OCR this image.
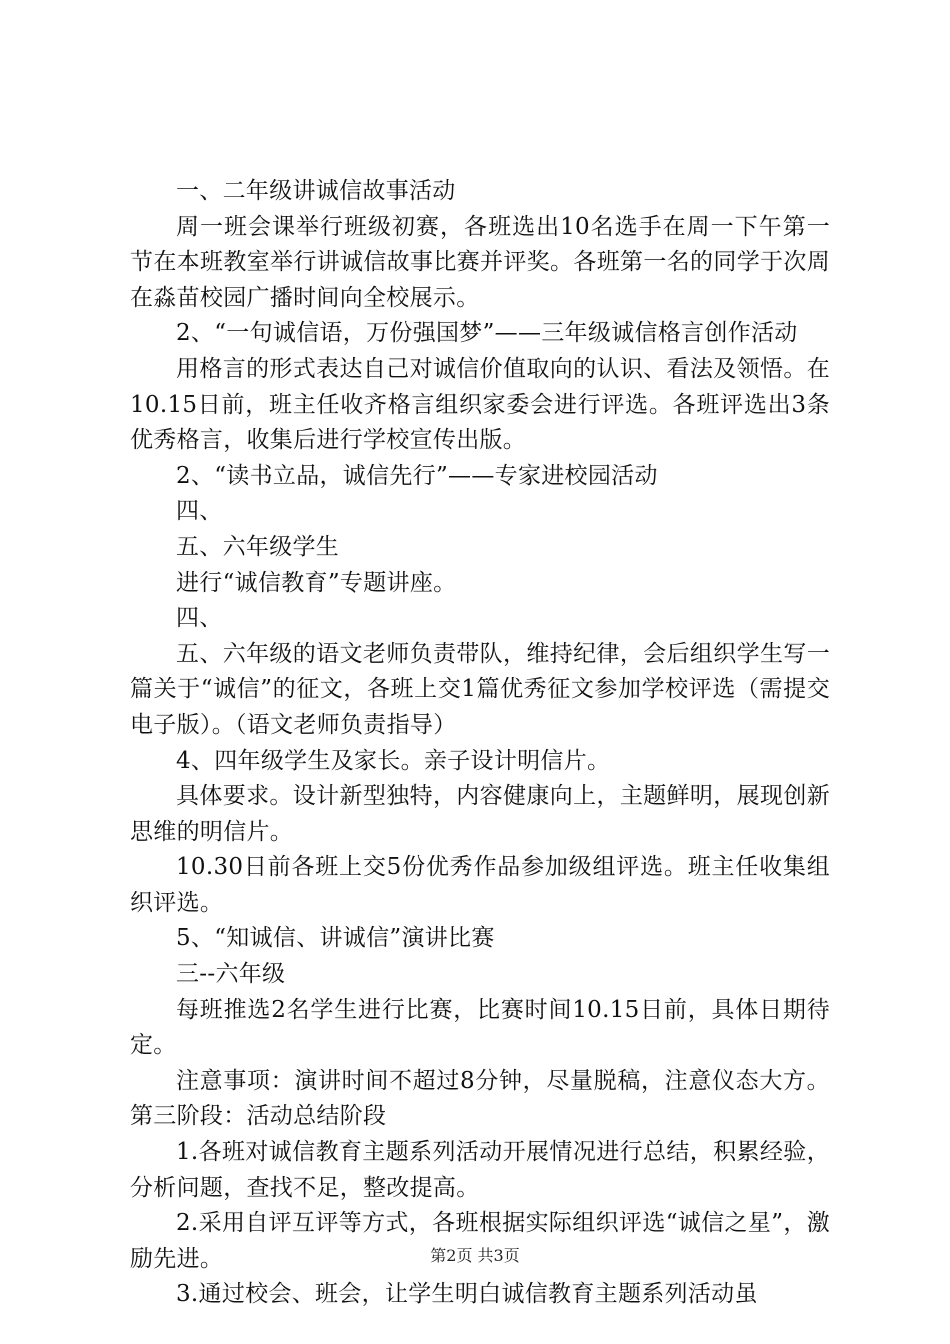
一、二年级讲诚信故事活动

周一班会课举行班级初赛，各班选出10名选手在周一下午第一节在本班教室举行讲诚信故事比赛并评奖。各班第一名的同学于次周在淼苗校园广播时间向全校展示。

2、“一句诚信语，万份强国梦”——三年级诚信格言创作活动

用格言的形式表达自己对诚信价值取向的认识、看法及领悟。在10.15日前，班主任收齐格言组织家委会进行评选。各班评选出3条优秀格言，收集后进行学校宣传出版。

2、“读书立品，诚信先行”——专家进校园活动

四、

五、六年级学生

进行“诚信教育”专题讲座。

四、

五、六年级的语文老师负责带队，维持纪律，会后组织学生写一篇关于“诚信”的征文，各班上交1篇优秀征文参加学校评选（需提交电子版）。（语文老师负责指导）

4、四年级学生及家长。亲子设计明信片。

具体要求。设计新型独特，内容健康向上，主题鲜明，展现创新思维的明信片。

10.30日前各班上交5份优秀作品参加级组评选。班主任收集组织评选。

5、“知诚信、讲诚信”演讲比赛

三--六年级

每班推选2名学生进行比赛，比赛时间10.15日前，具体日期待定。

注意事项：演讲时间不超过8分钟，尽量脱稿，注意仪态大方。第三阶段：活动总结阶段

1.各班对诚信教育主题系列活动开展情况进行总结，积累经验，分析问题，查找不足，整改提高。

2.采用自评互评等方式，各班根据实际组织评选“诚信之星”，激励先进。

3.通过校会、班会，让学生明白诚信教育主题系列活动虽

第2页 共3页
